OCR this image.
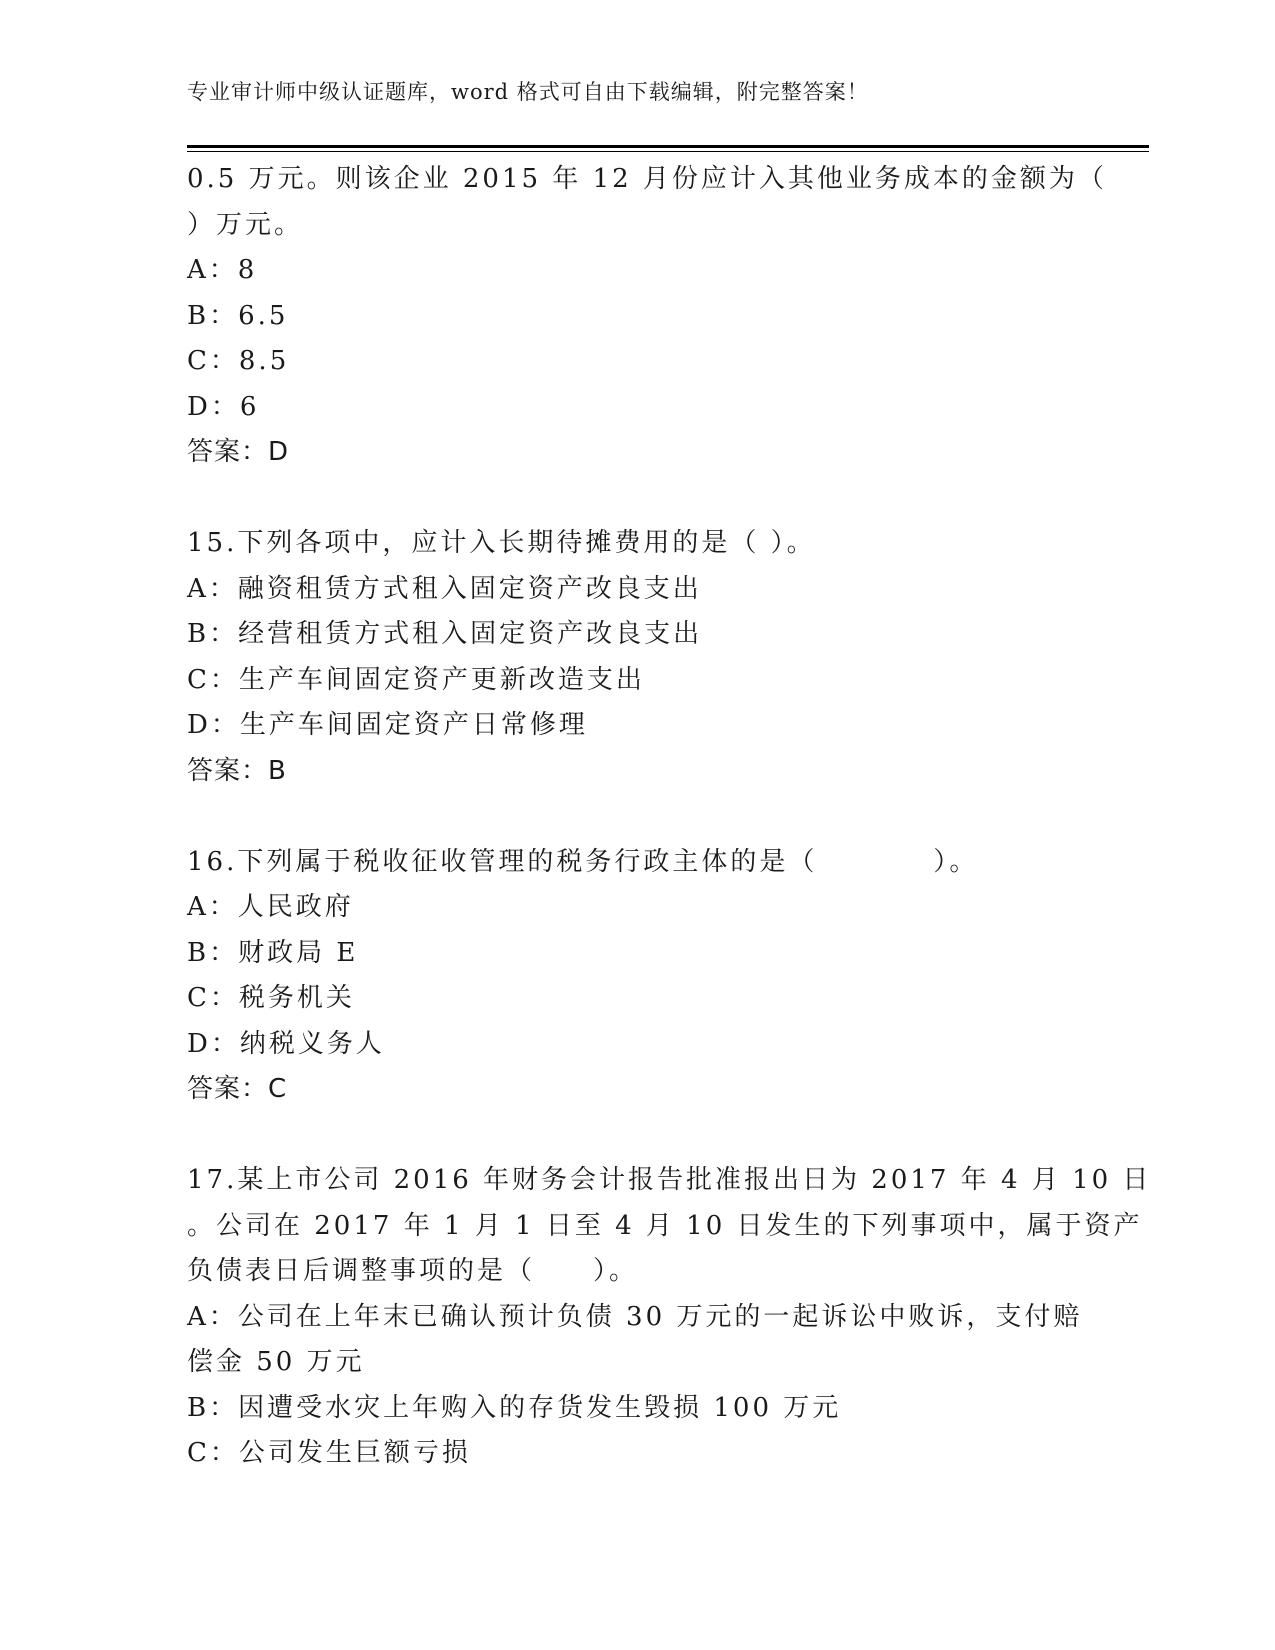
专业审计师中级认证题库，word 格式可自由下载编辑，附完整答案！
0.5 万元。则该企业 2015 年 12 月份应计入其他业务成本的金额为（
）万元。
A：8
B：6.5
C：8.5
D：6
答案：D
15.下列各项中，应计入长期待摊费用的是（ ）。
A：融资租赁方式租入固定资产改良支出
B：经营租赁方式租入固定资产改良支出
C：生产车间固定资产更新改造支出
D：生产车间固定资产日常修理
答案：B
16.下列属于税收征收管理的税务行政主体的是（　　　　）。
A：人民政府
B：财政局 E
C：税务机关
D：纳税义务人
答案：C
17.某上市公司 2016 年财务会计报告批准报出日为 2017 年 4 月 10 日
。公司在 2017 年 1 月 1 日至 4 月 10 日发生的下列事项中，属于资产
负债表日后调整事项的是（　　）。
A：公司在上年末已确认预计负债 30 万元的一起诉讼中败诉，支付赔
偿金 50 万元
B：因遭受水灾上年购入的存货发生毁损 100 万元
C：公司发生巨额亏损
